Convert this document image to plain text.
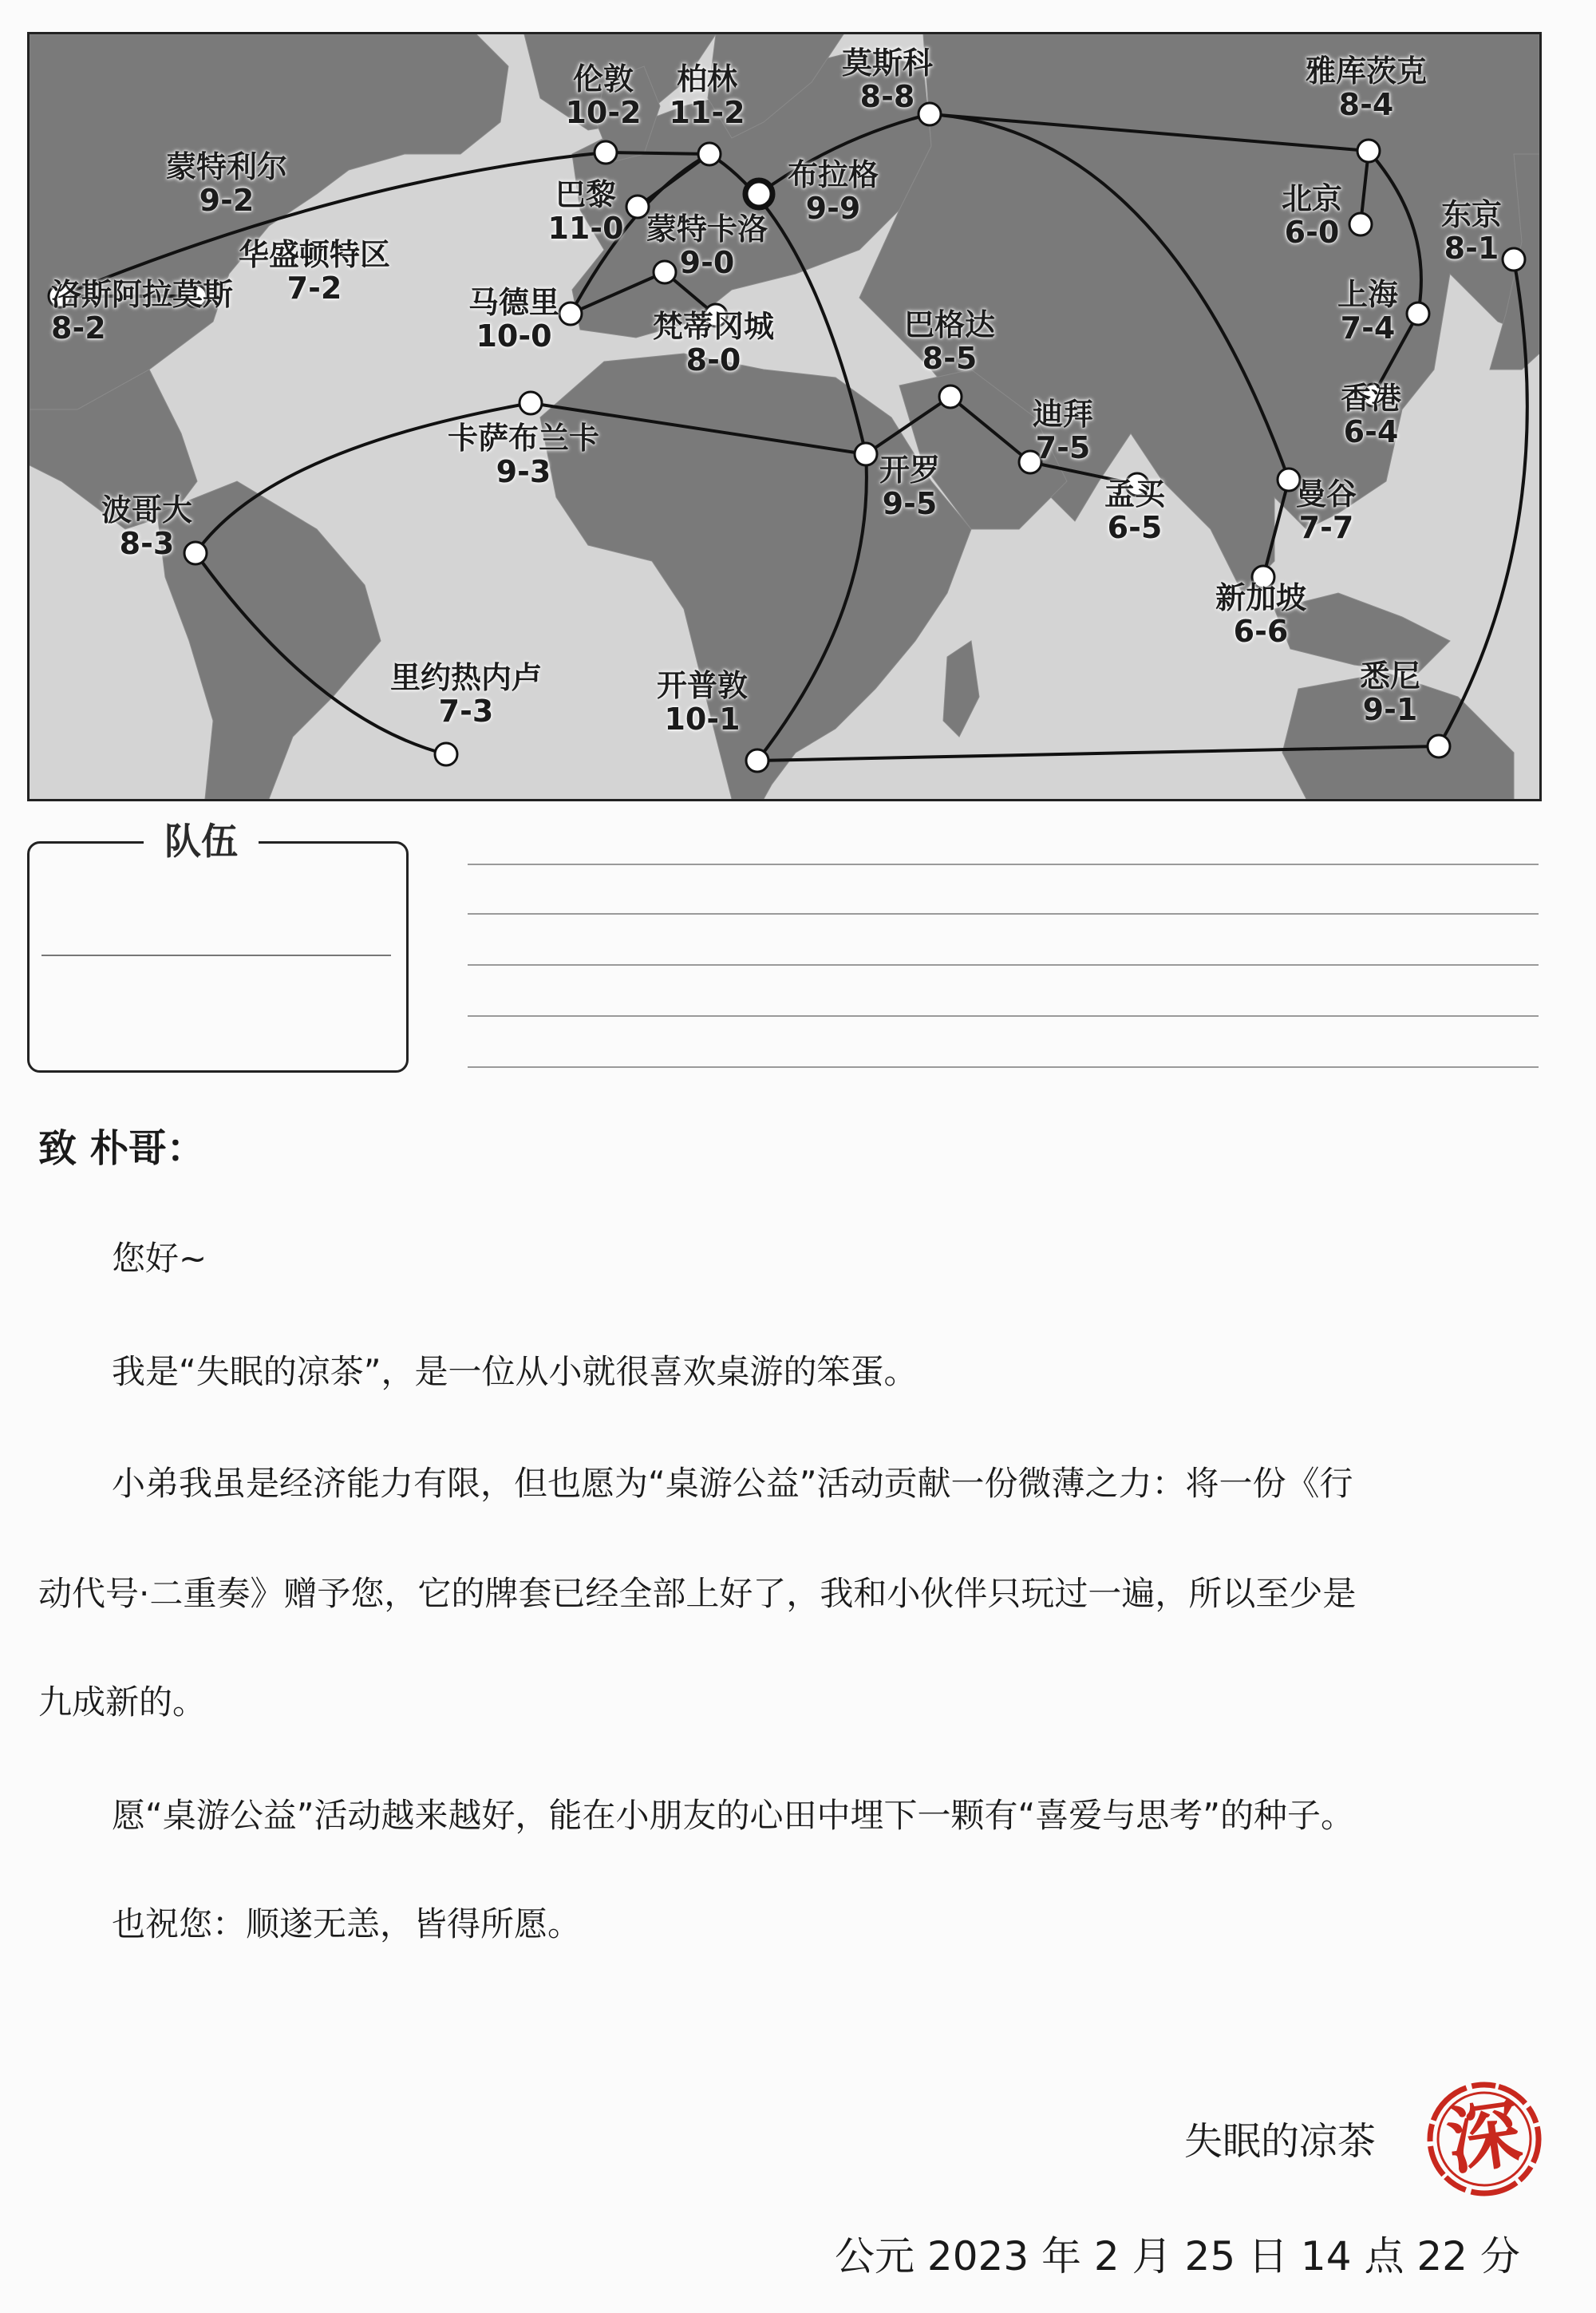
蒙特利尔
9-2
华盛顿特区
7-2
洛斯阿拉莫斯
8-2
伦敦
10-2
柏林
11-2
巴黎
11-0
马德里
10-0
蒙特卡洛
9-0
梵蒂冈城
8-0
布拉格
9-9
莫斯科
8-8
雅库茨克
8-4
北京
6-0	东京
8-1
上海
7-4
香港
6-4
曼谷
7-7
新加坡
6-6
悉尼
9-1
巴格达
8-5
迪拜
7-5
孟买
6-5
开罗
9-5
卡萨布兰卡
9-3
波哥大
8-3
里约热内卢
7-3
开普敦
10-1
队伍
致 朴哥：
您好~
我是“失眠的凉茶”，是一位从小就很喜欢桌游的笨蛋。
小弟我虽是经济能力有限，但也愿为“桌游公益”活动贡献一份微薄之力：将一份《行
动代号·二重奏》赠予您，它的牌套已经全部上好了，我和小伙伴只玩过一遍，所以至少是
九成新的。
愿“桌游公益”活动越来越好，能在小朋友的心田中埋下一颗有“喜爱与思考”的种子。
也祝您：顺遂无恙，皆得所愿。
失眠的凉茶
公元 2023 年 2 月 25 日 14 点 22 分
深
